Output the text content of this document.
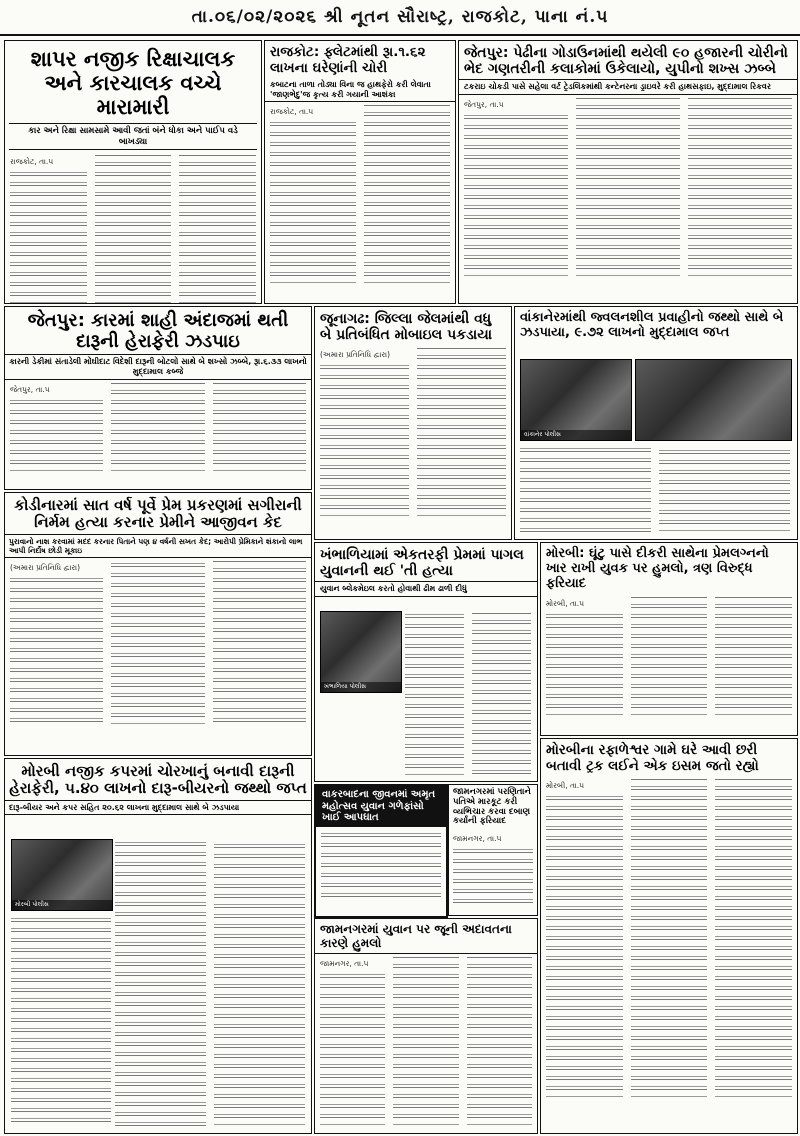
તા.૦૬/૦૨/૨૦૨૬ શ્રી નૂતન સૌરાષ્ટ્ર, રાજકોટ, પાના નં.૫
શાપર નજીક રિક્ષાચાલક અને કારચાલક વચ્ચે મારામારી
કાર અને રિક્ષા સામસામે આવી જતાં બંને ધોકા અને પાઈપ વડે બાખડ્યા
રાજકોટ, તા.૫
રાજકોટ: ફ્લેટમાંથી રૂા.૧.૬૨ લાખના ઘરેણાંની ચોરી
કબાટના તાળા તોડ્યા વિના જ હાથફેરો કરી લેવાતા 'જાણભેદુ'જ કૃત્ય કરી ગયાની આશંકા
રાજકોટ, તા.૫
જેતપુર: પેઢીના ગોડાઉનમાંથી થયેલી ૯૦ હજારની ચોરીનો ભેદ ગણતરીની કલાકોમાં ઉકેલાયો, યુપીનો શખ્સ ઝબ્બે
ટકરાઇ ચોકડી પાસે સહેલા વર્ટ ટ્રેડલિંકમાંથી કન્ટેનરના ડ્રાઇવરે કરી હાથસફાઇ, મુદ્દામાલ રિકવર
જેતપુર, તા.૫
જેતપુર: કારમાં શાહી અંદાજમાં થતી દારૂની હેરાફેરી ઝડપાઇ
કારની ડેકીમાં સંતાડેલી મોંઘીદાટ વિદેશી દારૂની બોટલો સાથે બે શખ્સો ઝબ્બે, રૂા.૬.૩૩ લાખનો મુદ્દામાલ કબ્જે
જેતપુર, તા.૫
જૂનાગઢ: જિલ્લા જેલમાંથી વધુ બે પ્રતિબંધિત મોબાઇલ પકડાયા
(અમારા પ્રતિનિધિ દ્વારા)
વાંકાનેરમાંથી જ્વલનશીલ પ્રવાહીનો જથ્થો સાથે બે ઝડપાયા, ૯.૭૨ લાખનો મુદ્દામાલ જપ્ત
વાંકાનેર પોલીસ
કોડીનારમાં સાત વર્ષ પૂર્વે પ્રેમ પ્રકરણમાં સગીરાની નિર્મમ હત્યા કરનાર પ્રેમીને આજીવન કેદ
પુરાવાનો નાશ કરવામાં મદદ કરનાર પિતાને પણ ૪ વર્ષની સખત કેદ; આરોપી પ્રેમિકાને શંકાનો લાભ આપી નિર્દોષ છોડી મૂકાઇ
(અમારા પ્રતિનિધિ દ્વારા)
ખંભાળિયામાં એકતરફી પ્રેમમાં પાગલ યુવાનની થઈ 'તી હત્યા
યુવાન બ્લેકમેઇલ કરતો હોવાથી ઢીમ ઢાળી દીધું
ખંભાળિયા પોલીસ
મોરબી: ઘૂંટુ પાસે દીકરી સાથેના પ્રેમલગ્નનો ખાર રાખી યુવક પર હુમલો, ત્રણ વિરુદ્ધ ફરિયાદ
મોરબી, તા.૫
મોરબી નજીક કપરમાં ચોરખાનું બનાવી દારૂની હેરાફેરી, ૫.૪૦ લાખનો દારૂ-બીયરનો જથ્થો જપ્ત
દારૂ-બીયર અને કપર સહિત ૨૦.૬૨ લાખના મુદ્દામાલ સાથે બે ઝડપાયા
મોરબી પોલીસ
વાકરબાદના જીવનમાં અમૃત મહોત્સવ યુવાન ગળેફાંસો ખાઈ આપઘાત
જામનગરમાં પરણિતાને પતિએ મારકૂટ કરી વ્યભિચાર કરવા દબાણ કર્યાની ફરિયાદ
જામનગર, તા.૫
જામનગરમાં યુવાન પર જૂની અદાવતના કારણે હુમલો
જામનગર, તા.૫
મોરબીના રફાળેશ્વર ગામે ઘરે આવી છરી બતાવી ટ્રક લઈને એક ઇસમ જતો રહ્યો
મોરબી, તા.૫
